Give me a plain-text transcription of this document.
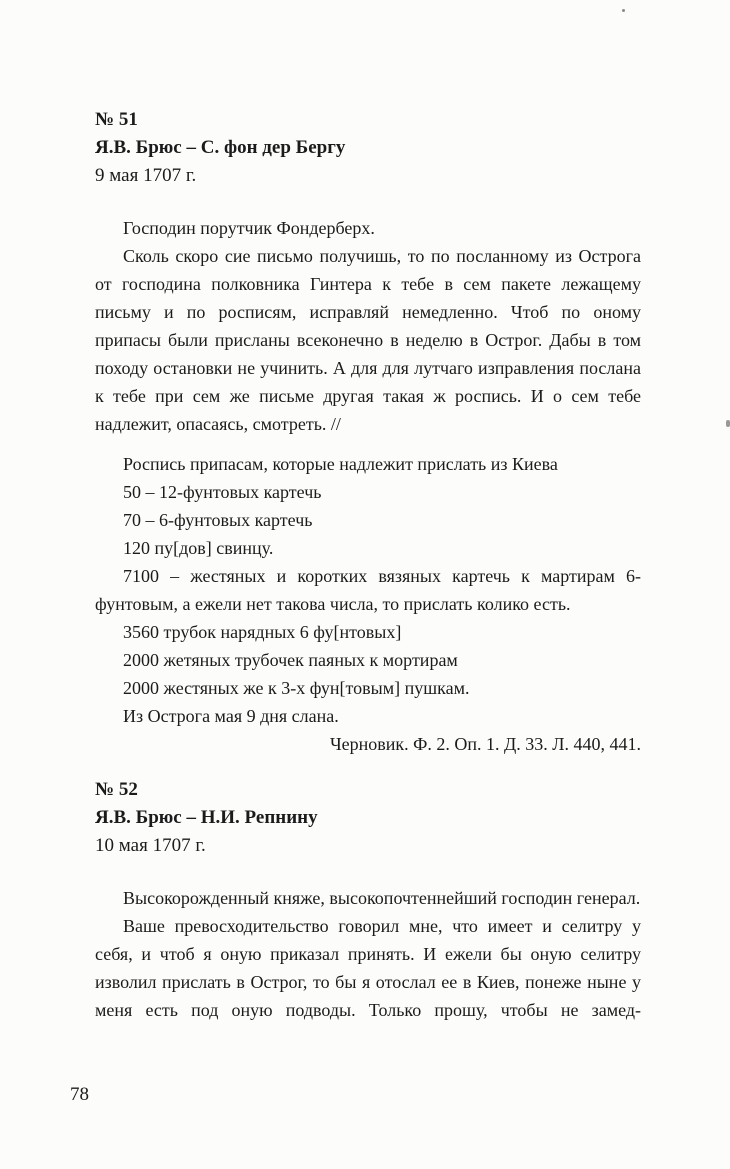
№ 51
Я.В. Брюс – С. фон дер Бергу
9 мая 1707 г.

Господин порутчик Фондерберх.

Сколь скоро сие письмо получишь, то по посланному из Острога от господина полковника Гинтера к тебе в сем пакете лежащему письму и по росписям, исправляй немедленно. Чтоб по оному припасы были присланы всеконечно в неделю в Острог. Дабы в том походу остановки не учинить. А для для лутчаго изправления послана к тебе при сем же письме другая такая ж роспись. И о сем тебе надлежит, опасаясь, смотреть. //

Роспись припасам, которые надлежит прислать из Киева

50 – 12-фунтовых картечь

70 – 6-фунтовых картечь

120 пу[дов] свинцу.

7100 – жестяных и коротких вязяных картечь к мартирам 6-фунтовым, а ежели нет такова числа, то прислать колико есть.

3560 трубок нарядных 6 фу[нтовых]

2000 жетяных трубочек паяных к мортирам

2000 жестяных же к 3-х фун[товым] пушкам.

Из Острога мая 9 дня слана.

Черновик. Ф. 2. Оп. 1. Д. 33. Л. 440, 441.

№ 52
Я.В. Брюс – Н.И. Репнину
10 мая 1707 г.

Высокорожденный княже, высокопочтеннейший господин генерал.

Ваше превосходительство говорил мне, что имеет и селитру у себя, и чтоб я оную приказал принять. И ежели бы оную селитру изволил прислать в Острог, то бы я отослал ее в Киев, понеже ныне у меня есть под оную подводы. Только прошу, чтобы не замед-

78
